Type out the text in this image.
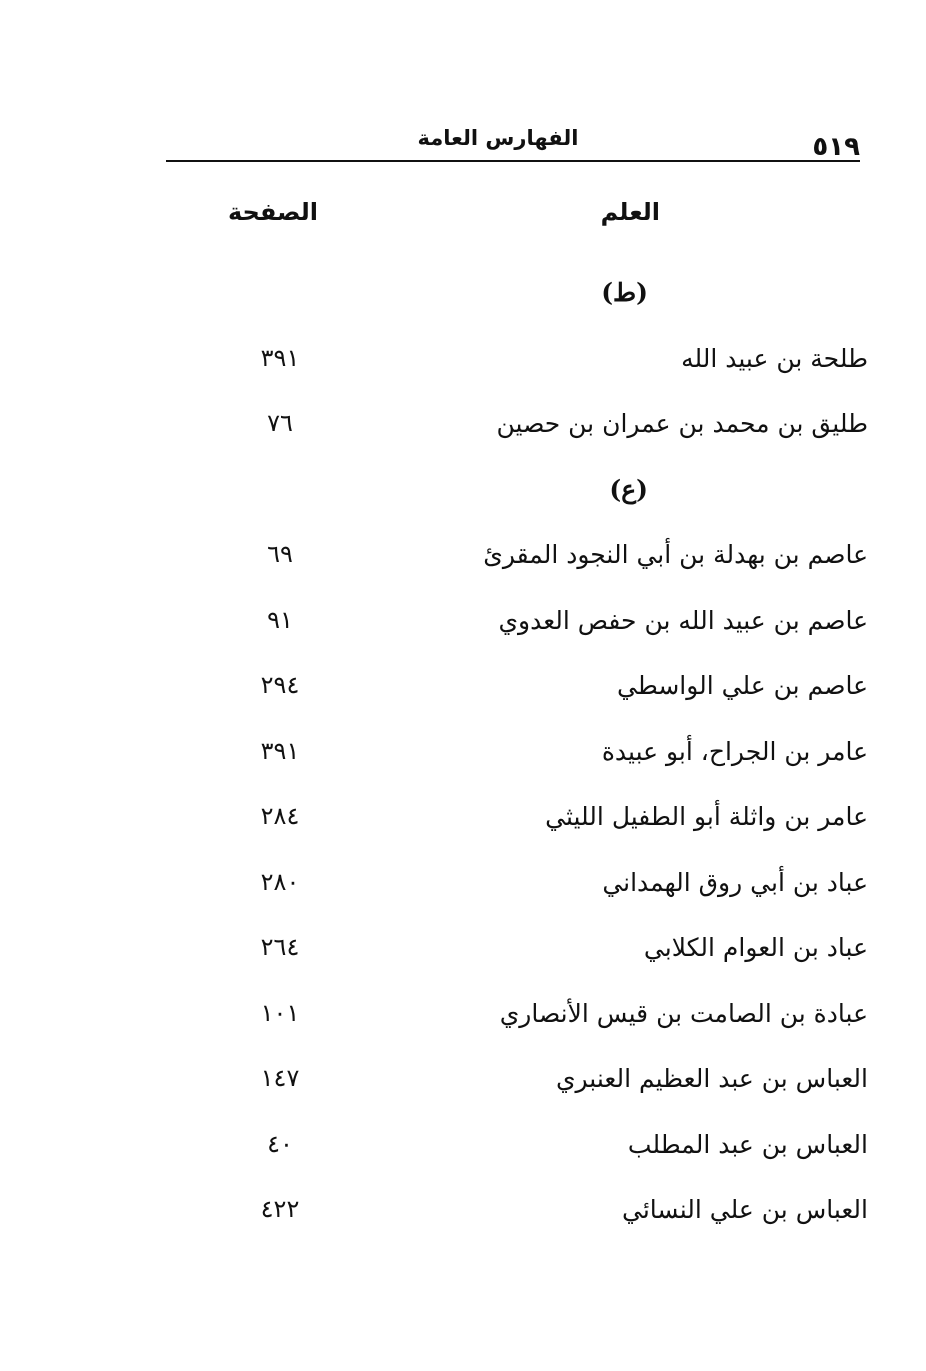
الفهارس العامة	٥١٩
العلم
الصفحة
(ط)
طلحة بن عبيد الله
٣٩١
طليق بن محمد بن عمران بن حصين
٧٦
(ع)
عاصم بن بهدلة بن أبي النجود المقرئ
٦٩
عاصم بن عبيد الله بن حفص العدوي
٩١
عاصم بن علي الواسطي
٢٩٤
عامر بن الجراح، أبو عبيدة
٣٩١
عامر بن واثلة أبو الطفيل الليثي
٢٨٤
عباد بن أبي روق الهمداني
٢٨٠
عباد بن العوام الكلابي
٢٦٤
عبادة بن الصامت بن قيس الأنصاري
١٠١
العباس بن عبد العظيم العنبري
١٤٧
العباس بن عبد المطلب
٤٠
العباس بن علي النسائي
٤٢٢
